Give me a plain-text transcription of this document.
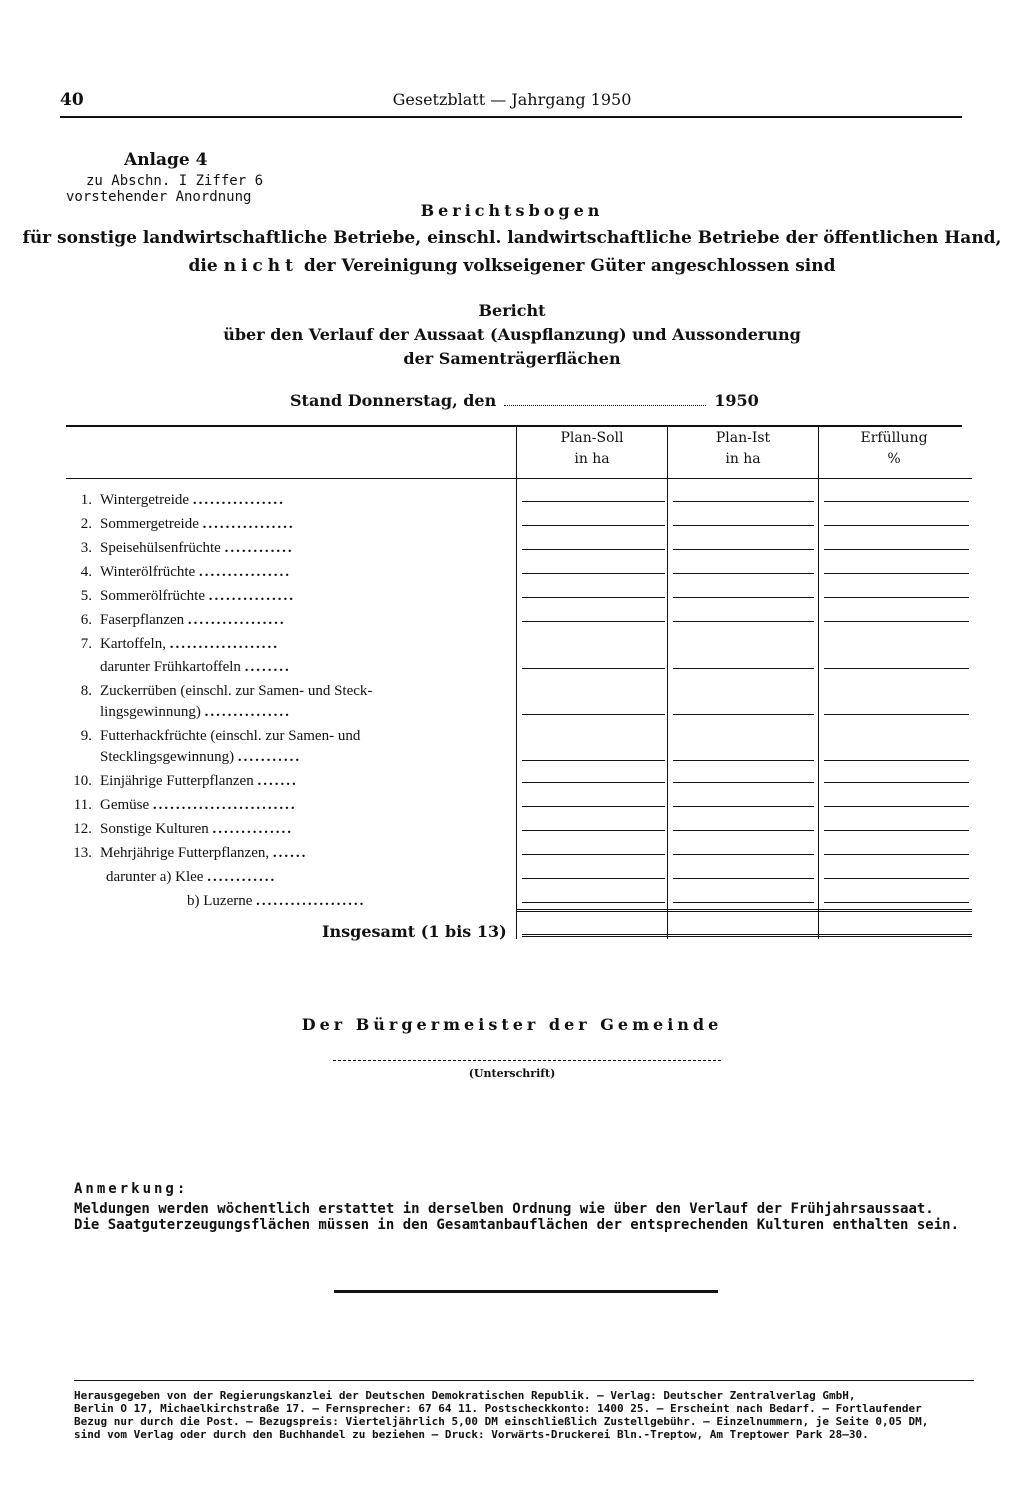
40	Gesetzblatt — Jahrgang 1950
Anlage 4
zu Abschn. I Ziffer 6
vorstehender Anordnung
Berichtsbogen
für sonstige landwirtschaftliche Betriebe, einschl. landwirtschaftliche Betriebe der öffentlichen Hand,
die nicht der Vereinigung volkseigener Güter angeschlossen sind
Bericht
über den Verlauf der Aussaat (Auspflanzung) und Aussonderung
der Samenträgerflächen
Stand Donnerstag, den	1950
Plan-Soll
in ha
Plan-Ist
in ha
Erfüllung
%
1. Wintergetreide ................
2. Sommergetreide ................
3. Speisehülsenfrüchte ............
4. Winterölfrüchte ................
5. Sommerölfrüchte ...............
6. Faserpflanzen .................
7. Kartoffeln, ...................
darunter Frühkartoffeln ........
8. Zuckerrüben (einschl. zur Samen- und Steck-
lingsgewinnung) ...............
9. Futterhackfrüchte (einschl. zur Samen- und
Stecklingsgewinnung) ...........
10. Einjährige Futterpflanzen .......
11. Gemüse .........................
12. Sonstige Kulturen ..............
13. Mehrjährige Futterpflanzen, ......
darunter a) Klee ............
b) Luzerne ...................
Insgesamt (1 bis 13)
Der Bürgermeister der Gemeinde
(Unterschrift)
Anmerkung:
Meldungen werden wöchentlich erstattet in derselben Ordnung wie über den Verlauf der Frühjahrsaussaat.
Die Saatguterzeugungsflächen müssen in den Gesamtanbauflächen der entsprechenden Kulturen enthalten sein.
Herausgegeben von der Regierungskanzlei der Deutschen Demokratischen Republik. — Verlag: Deutscher Zentralverlag GmbH,
Berlin O 17, Michaelkirchstraße 17. — Fernsprecher: 67 64 11. Postscheckkonto: 1400 25. — Erscheint nach Bedarf. — Fortlaufender
Bezug nur durch die Post. — Bezugspreis: Vierteljährlich 5,00 DM einschließlich Zustellgebühr. — Einzelnummern, je Seite 0,05 DM,
sind vom Verlag oder durch den Buchhandel zu beziehen — Druck: Vorwärts-Druckerei Bln.-Treptow, Am Treptower Park 28—30.
